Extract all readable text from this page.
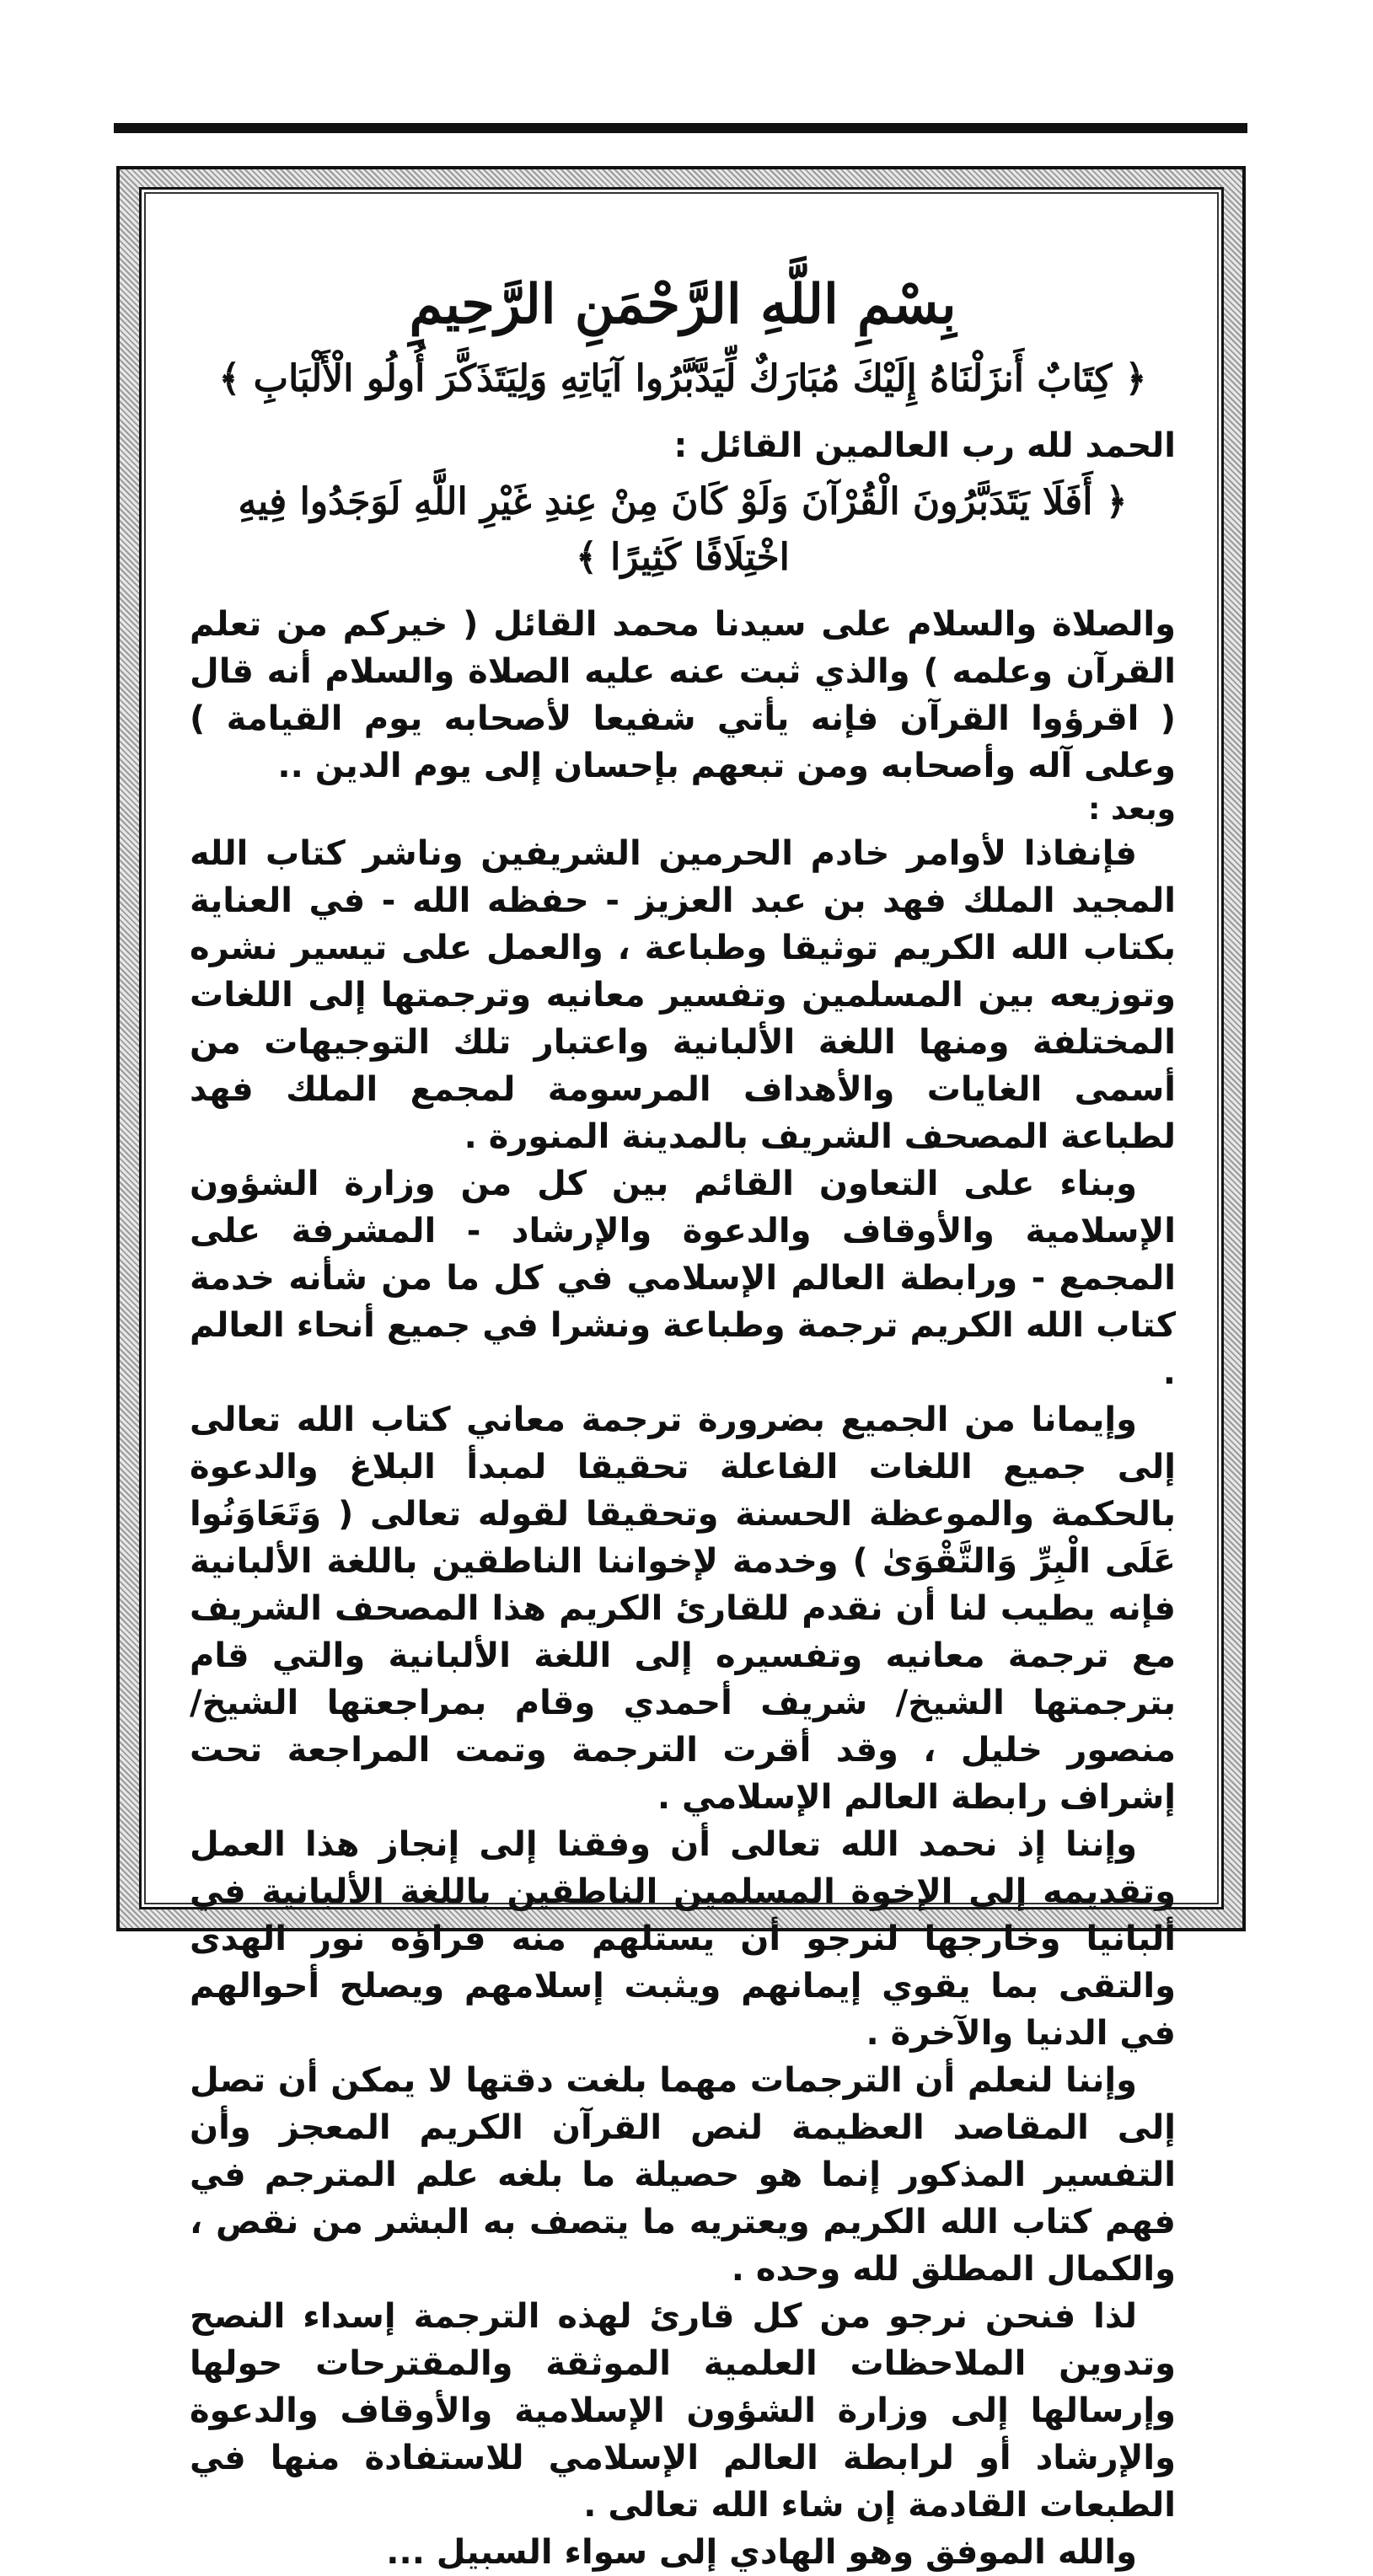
بِسْمِ اللَّهِ الرَّحْمَنِ الرَّحِيمِ
﴿ كِتَابٌ أَنزَلْنَاهُ إِلَيْكَ مُبَارَكٌ لِّيَدَّبَّرُوا آيَاتِهِ وَلِيَتَذَكَّرَ أُولُو الْأَلْبَابِ ﴾

الحمد لله رب العالمين القائل :

﴿ أَفَلَا يَتَدَبَّرُونَ الْقُرْآنَ وَلَوْ كَانَ مِنْ عِندِ غَيْرِ اللَّهِ لَوَجَدُوا فِيهِ اخْتِلَافًا كَثِيرًا ﴾

والصلاة والسلام على سيدنا محمد القائل ( خيركم من تعلم القرآن وعلمه ) والذي ثبت عنه عليه الصلاة والسلام أنه قال ( اقرؤوا القرآن فإنه يأتي شفيعا لأصحابه يوم القيامة ) وعلى آله وأصحابه ومن تبعهم بإحسان إلى يوم الدين ..

وبعد :

فإنفاذا لأوامر خادم الحرمين الشريفين وناشر كتاب الله المجيد الملك فهد بن عبد العزيز - حفظه الله - في العناية بكتاب الله الكريم توثيقا وطباعة ، والعمل على تيسير نشره وتوزيعه بين المسلمين وتفسير معانيه وترجمتها إلى اللغات المختلفة ومنها اللغة الألبانية واعتبار تلك التوجيهات من أسمى الغايات والأهداف المرسومة لمجمع الملك فهد لطباعة المصحف الشريف بالمدينة المنورة .

وبناء على التعاون القائم بين كل من وزارة الشؤون الإسلامية والأوقاف والدعوة والإرشاد - المشرفة على المجمع - ورابطة العالم الإسلامي في كل ما من شأنه خدمة كتاب الله الكريم ترجمة وطباعة ونشرا في جميع أنحاء العالم .

وإيمانا من الجميع بضرورة ترجمة معاني كتاب الله تعالى إلى جميع اللغات الفاعلة تحقيقا لمبدأ البلاغ والدعوة بالحكمة والموعظة الحسنة وتحقيقا لقوله تعالى ( وَتَعَاوَنُوا عَلَى الْبِرِّ وَالتَّقْوَىٰ ) وخدمة لإخواننا الناطقين باللغة الألبانية فإنه يطيب لنا أن نقدم للقارئ الكريم هذا المصحف الشريف مع ترجمة معانيه وتفسيره إلى اللغة الألبانية والتي قام بترجمتها الشيخ/ شريف أحمدي وقام بمراجعتها الشيخ/ منصور خليل ، وقد أقرت الترجمة وتمت المراجعة تحت إشراف رابطة العالم الإسلامي .

وإننا إذ نحمد الله تعالى أن وفقنا إلى إنجاز هذا العمل وتقديمه إلى الإخوة المسلمين الناطقين باللغة الألبانية في ألبانيا وخارجها لنرجو أن يستلهم منه قراؤه نور الهدى والتقى بما يقوي إيمانهم ويثبت إسلامهم ويصلح أحوالهم في الدنيا والآخرة .

وإننا لنعلم أن الترجمات مهما بلغت دقتها لا يمكن أن تصل إلى المقاصد العظيمة لنص القرآن الكريم المعجز وأن التفسير المذكور إنما هو حصيلة ما بلغه علم المترجم في فهم كتاب الله الكريم ويعتريه ما يتصف به البشر من نقص ، والكمال المطلق لله وحده .

لذا فنحن نرجو من كل قارئ لهذه الترجمة إسداء النصح وتدوين الملاحظات العلمية الموثقة والمقترحات حولها وإرسالها إلى وزارة الشؤون الإسلامية والأوقاف والدعوة والإرشاد أو لرابطة العالم الإسلامي للاستفادة منها في الطبعات القادمة إن شاء الله تعالى .

والله الموفق وهو الهادي إلى سواء السبيل ...
